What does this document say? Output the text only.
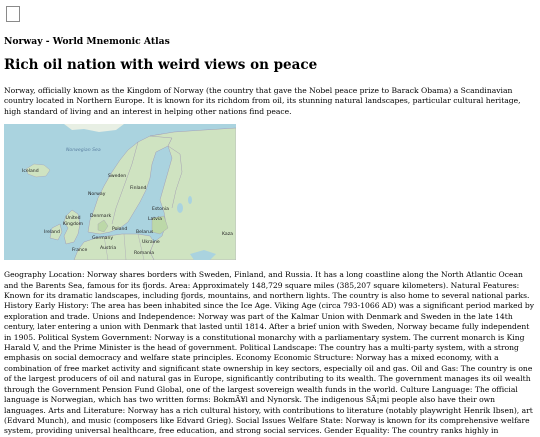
Norway - World Mnemonic Atlas
Rich oil nation with weird views on peace
Norway, officially known as the Kingdom of Norway (the country that gave the Nobel peace prize to Barack Obama) a Scandinavian country located in Northern Europe. It is known for its richdom from oil, its stunning natural landscapes, particular cultural heritage, high standard of living and an interest in helping other nations find peace.
Norwegian Sea
Iceland
Sweden
Finland
Norway
Estonia
Latvia
Denmark
United Kingdom
Ireland	Belarus
Poland
Germany
Ukraine
Austria
France
Romania
Kaza
Geography Location: Norway shares borders with Sweden, Finland, and Russia. It has a long coastline along the North Atlantic Ocean and the Barents Sea, famous for its fjords. Area: Approximately 148,729 square miles (385,207 square kilometers). Natural Features: Known for its dramatic landscapes, including fjords, mountains, and northern lights. The country is also home to several national parks. History Early History: The area has been inhabited since the Ice Age. Viking Age (circa 793-1066 AD) was a significant period marked by exploration and trade. Unions and Independence: Norway was part of the Kalmar Union with Denmark and Sweden in the late 14th century, later entering a union with Denmark that lasted until 1814. After a brief union with Sweden, Norway became fully independent in 1905. Political System Government: Norway is a constitutional monarchy with a parliamentary system. The current monarch is King Harald V, and the Prime Minister is the head of government. Political Landscape: The country has a multi-party system, with a strong emphasis on social democracy and welfare state principles. Economy Economic Structure: Norway has a mixed economy, with a combination of free market activity and significant state ownership in key sectors, especially oil and gas. Oil and Gas: The country is one of the largest producers of oil and natural gas in Europe, significantly contributing to its wealth. The government manages its oil wealth through the Government Pension Fund Global, one of the largest sovereign wealth funds in the world. Culture Language: The official language is Norwegian, which has two written forms: BokmÃ¥l and Nynorsk. The indigenous SÃ¡mi people also have their own languages. Arts and Literature: Norway has a rich cultural history, with contributions to literature (notably playwright Henrik Ibsen), art (Edvard Munch), and music (composers like Edvard Grieg). Social Issues Welfare State: Norway is known for its comprehensive welfare system, providing universal healthcare, free education, and strong social services. Gender Equality: The country ranks highly in
